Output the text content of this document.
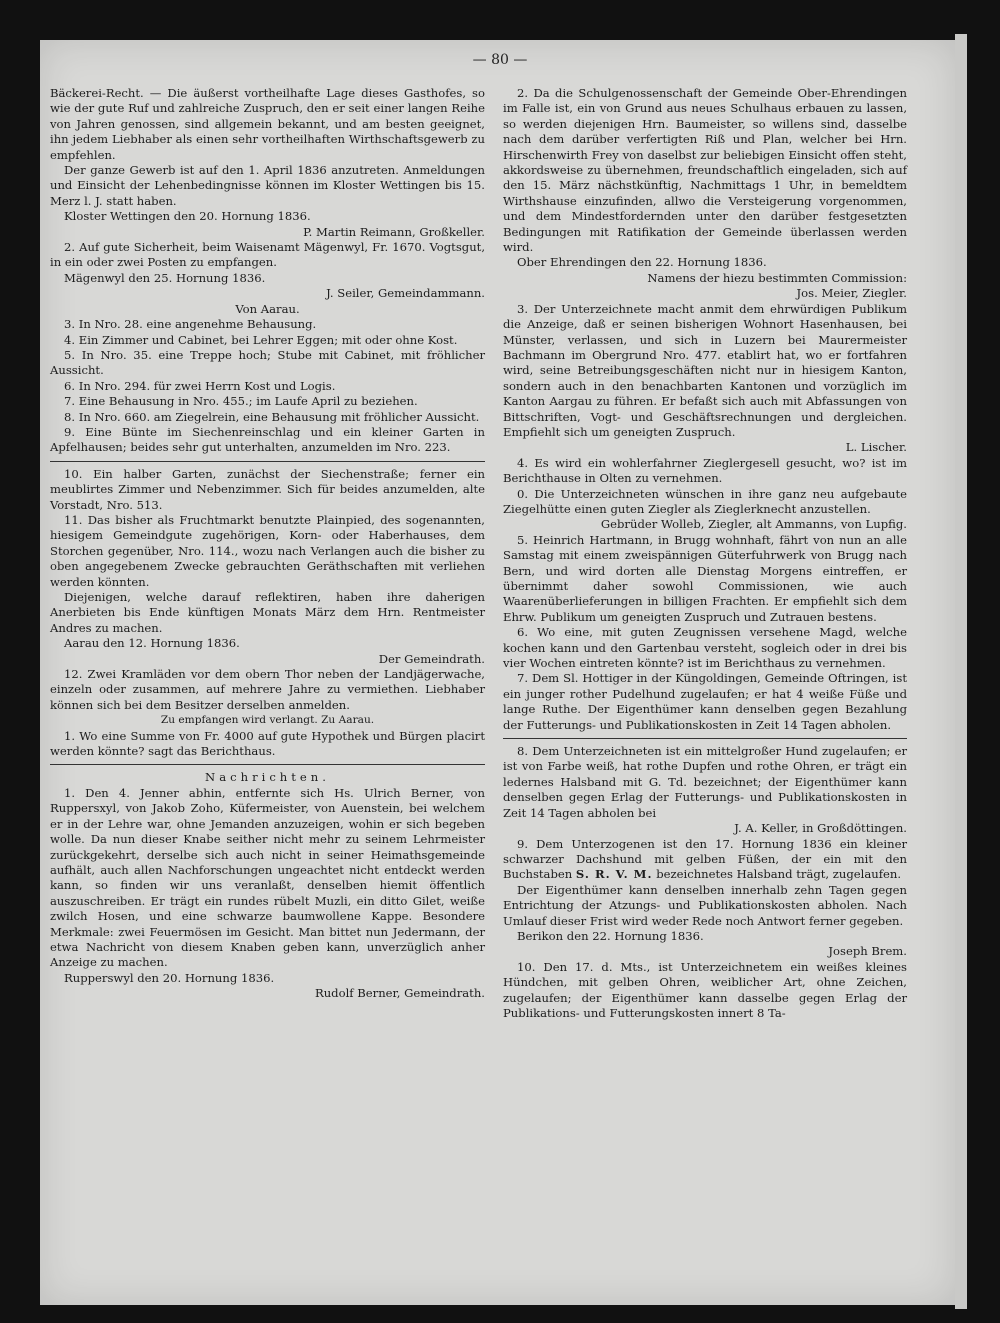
— 80 —

Bäckerei-Recht. — Die äußerst vortheilhafte Lage dieses Gasthofes, so wie der gute Ruf und zahlreiche Zuspruch, den er seit einer langen Reihe von Jahren genossen, sind allgemein bekannt, und am besten geeignet, ihn jedem Liebhaber als einen sehr vortheilhaften Wirthschaftsgewerb zu empfehlen.

Der ganze Gewerb ist auf den 1. April 1836 anzutreten. Anmeldungen und Einsicht der Lehenbedingnisse können im Kloster Wettingen bis 15. Merz l. J. statt haben.

Kloster Wettingen den 20. Hornung 1836.

P. Martin Reimann, Großkeller.

2. Auf gute Sicherheit, beim Waisenamt Mägenwyl, Fr. 1670. Vogtsgut, in ein oder zwei Posten zu empfangen.

Mägenwyl den 25. Hornung 1836.

J. Seiler, Gemeindammann.

Von Aarau.

3. In Nro. 28. eine angenehme Behausung.

4. Ein Zimmer und Cabinet, bei Lehrer Eggen; mit oder ohne Kost.

5. In Nro. 35. eine Treppe hoch; Stube mit Cabinet, mit fröhlicher Aussicht.

6. In Nro. 294. für zwei Herrn Kost und Logis.

7. Eine Behausung in Nro. 455.; im Laufe April zu beziehen.

8. In Nro. 660. am Ziegelrein, eine Behausung mit fröhlicher Aussicht.

9. Eine Bünte im Siechenreinschlag und ein kleiner Garten in Apfelhausen; beides sehr gut unterhalten, anzumelden im Nro. 223.

10. Ein halber Garten, zunächst der Siechenstraße; ferner ein meublirtes Zimmer und Nebenzimmer. Sich für beides anzumelden, alte Vorstadt, Nro. 513.

11. Das bisher als Fruchtmarkt benutzte Plainpied, des sogenannten, hiesigem Gemeindgute zugehörigen, Korn- oder Haberhauses, dem Storchen gegenüber, Nro. 114., wozu nach Verlangen auch die bisher zu oben angegebenem Zwecke gebrauchten Geräthschaften mit verliehen werden könnten.

Diejenigen, welche darauf reflektiren, haben ihre daherigen Anerbieten bis Ende künftigen Monats März dem Hrn. Rentmeister Andres zu machen.

Aarau den 12. Hornung 1836.

Der Gemeindrath.

12. Zwei Kramläden vor dem obern Thor neben der Landjägerwache, einzeln oder zusammen, auf mehrere Jahre zu vermiethen. Liebhaber können sich bei dem Besitzer derselben anmelden.

Zu empfangen wird verlangt. Zu Aarau.

1. Wo eine Summe von Fr. 4000 auf gute Hypothek und Bürgen placirt werden könnte? sagt das Berichthaus.

Nachrichten.

1. Den 4. Jenner abhin, entfernte sich Hs. Ulrich Berner, von Ruppersxyl, von Jakob Zoho, Küfermeister, von Auenstein, bei welchem er in der Lehre war, ohne Jemanden anzuzeigen, wohin er sich begeben wolle. Da nun dieser Knabe seither nicht mehr zu seinem Lehrmeister zurückgekehrt, derselbe sich auch nicht in seiner Heimathsgemeinde aufhält, auch allen Nachforschungen ungeachtet nicht entdeckt werden kann, so finden wir uns veranlaßt, denselben hiemit öffentlich auszuschreiben. Er trägt ein rundes rübelt Muzli, ein ditto Gilet, weiße zwilch Hosen, und eine schwarze baumwollene Kappe. Besondere Merkmale: zwei Feuermösen im Gesicht. Man bittet nun Jedermann, der etwa Nachricht von diesem Knaben geben kann, unverzüglich anher Anzeige zu machen.

Rupperswyl den 20. Hornung 1836.

Rudolf Berner, Gemeindrath.

2. Da die Schulgenossenschaft der Gemeinde Ober-Ehrendingen im Falle ist, ein von Grund aus neues Schulhaus erbauen zu lassen, so werden diejenigen Hrn. Baumeister, so willens sind, dasselbe nach dem darüber verfertigten Riß und Plan, welcher bei Hrn. Hirschenwirth Frey von daselbst zur beliebigen Einsicht offen steht, akkordsweise zu übernehmen, freundschaftlich eingeladen, sich auf den 15. März nächstkünftig, Nachmittags 1 Uhr, in bemeldtem Wirthshause einzufinden, allwo die Versteigerung vorgenommen, und dem Mindestfordernden unter den darüber festgesetzten Bedingungen mit Ratifikation der Gemeinde überlassen werden wird.

Ober Ehrendingen den 22. Hornung 1836.

Namens der hiezu bestimmten Commission:

Jos. Meier, Ziegler.

3. Der Unterzeichnete macht anmit dem ehrwürdigen Publikum die Anzeige, daß er seinen bisherigen Wohnort Hasenhausen, bei Münster, verlassen, und sich in Luzern bei Maurermeister Bachmann im Obergrund Nro. 477. etablirt hat, wo er fortfahren wird, seine Betreibungsgeschäften nicht nur in hiesigem Kanton, sondern auch in den benachbarten Kantonen und vorzüglich im Kanton Aargau zu führen. Er befaßt sich auch mit Abfassungen von Bittschriften, Vogt- und Geschäftsrechnungen und dergleichen. Empfiehlt sich um geneigten Zuspruch.

L. Lischer.

4. Es wird ein wohlerfahrner Zieglergesell gesucht, wo? ist im Berichthause in Olten zu vernehmen.

0. Die Unterzeichneten wünschen in ihre ganz neu aufgebaute Ziegelhütte einen guten Ziegler als Zieglerknecht anzustellen.

Gebrüder Wolleb, Ziegler, alt Ammanns, von Lupfig.

5. Heinrich Hartmann, in Brugg wohnhaft, fährt von nun an alle Samstag mit einem zweispännigen Güterfuhrwerk von Brugg nach Bern, und wird dorten alle Dienstag Morgens eintreffen, er übernimmt daher sowohl Commissionen, wie auch Waarenüberlieferungen in billigen Frachten. Er empfiehlt sich dem Ehrw. Publikum um geneigten Zuspruch und Zutrauen bestens.

6. Wo eine, mit guten Zeugnissen versehene Magd, welche kochen kann und den Gartenbau versteht, sogleich oder in drei bis vier Wochen eintreten könnte? ist im Berichthaus zu vernehmen.

7. Dem Sl. Hottiger in der Küngoldingen, Gemeinde Oftringen, ist ein junger rother Pudelhund zugelaufen; er hat 4 weiße Füße und lange Ruthe. Der Eigenthümer kann denselben gegen Bezahlung der Futterungs- und Publikationskosten in Zeit 14 Tagen abholen.

8. Dem Unterzeichneten ist ein mittelgroßer Hund zugelaufen; er ist von Farbe weiß, hat rothe Dupfen und rothe Ohren, er trägt ein ledernes Halsband mit G. Td. bezeichnet; der Eigenthümer kann denselben gegen Erlag der Futterungs- und Publikationskosten in Zeit 14 Tagen abholen bei

J. A. Keller, in Großdöttingen.

9. Dem Unterzogenen ist den 17. Hornung 1836 ein kleiner schwarzer Dachshund mit gelben Füßen, der ein mit den Buchstaben S. R. V. M. bezeichnetes Halsband trägt, zugelaufen.

Der Eigenthümer kann denselben innerhalb zehn Tagen gegen Entrichtung der Atzungs- und Publikationskosten abholen. Nach Umlauf dieser Frist wird weder Rede noch Antwort ferner gegeben.

Berikon den 22. Hornung 1836.

Joseph Brem.

10. Den 17. d. Mts., ist Unterzeichnetem ein weißes kleines Hündchen, mit gelben Ohren, weiblicher Art, ohne Zeichen, zugelaufen; der Eigenthümer kann dasselbe gegen Erlag der Publikations- und Futterungskosten innert 8 Ta-
